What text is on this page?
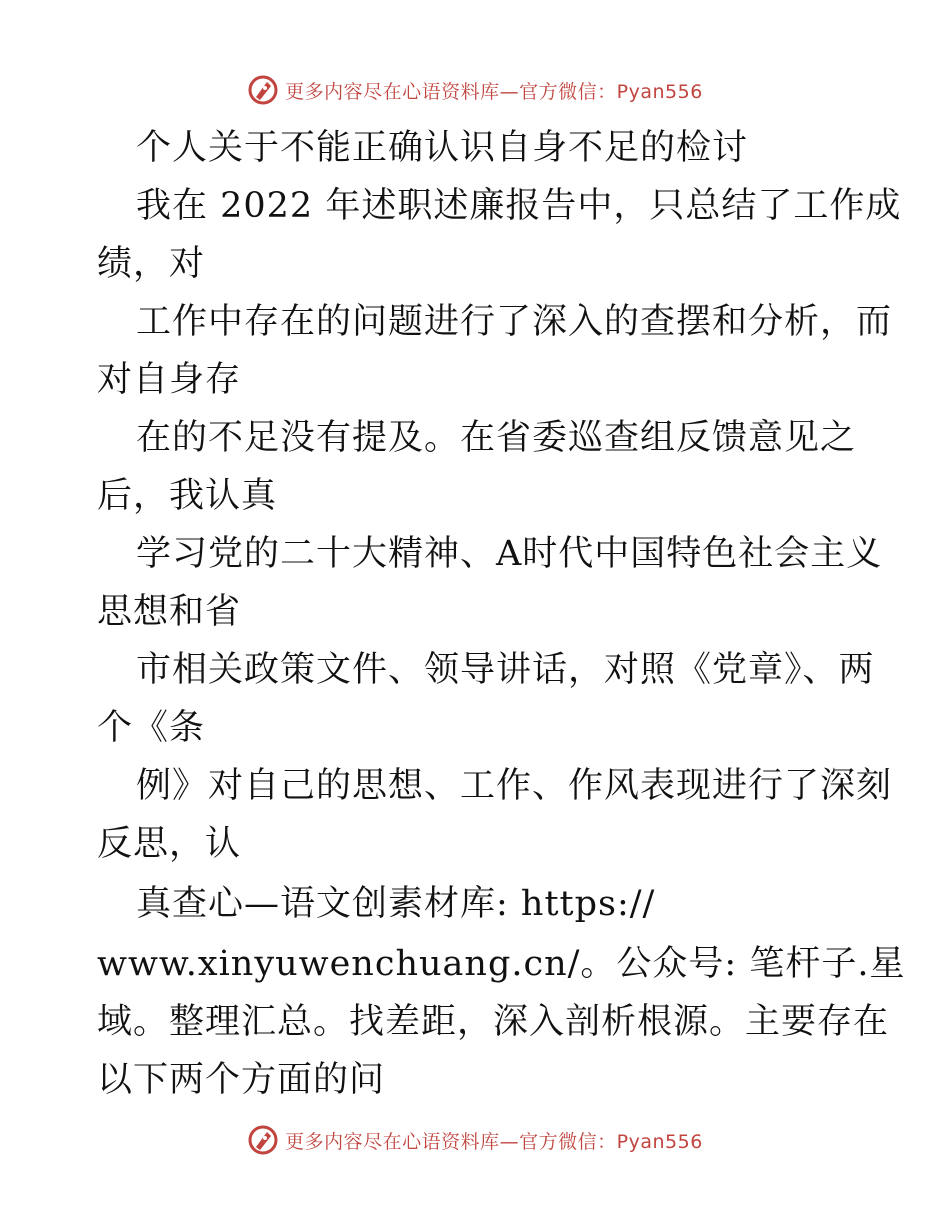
更多内容尽在心语资料库—官方微信：Pyan556
个人关于不能正确认识自身不足的检讨
我在 2022 年述职述廉报告中，只总结了工作成
绩，对
工作中存在的问题进行了深入的查摆和分析，而
对自身存
在的不足没有提及。在省委巡查组反馈意见之
后，我认真
学习党的二十大精神、A时代中国特色社会主义
思想和省
市相关政策文件、领导讲话，对照《党章》、两
个《条
例》对自己的思想、工作、作风表现进行了深刻
反思，认
真查心—语文创素材库: https://
www.xinyuwenchuang.cn/。公众号: 笔杆子.星
域。整理汇总。找差距，深入剖析根源。主要存在
以下两个方面的问
更多内容尽在心语资料库—官方微信：Pyan556
